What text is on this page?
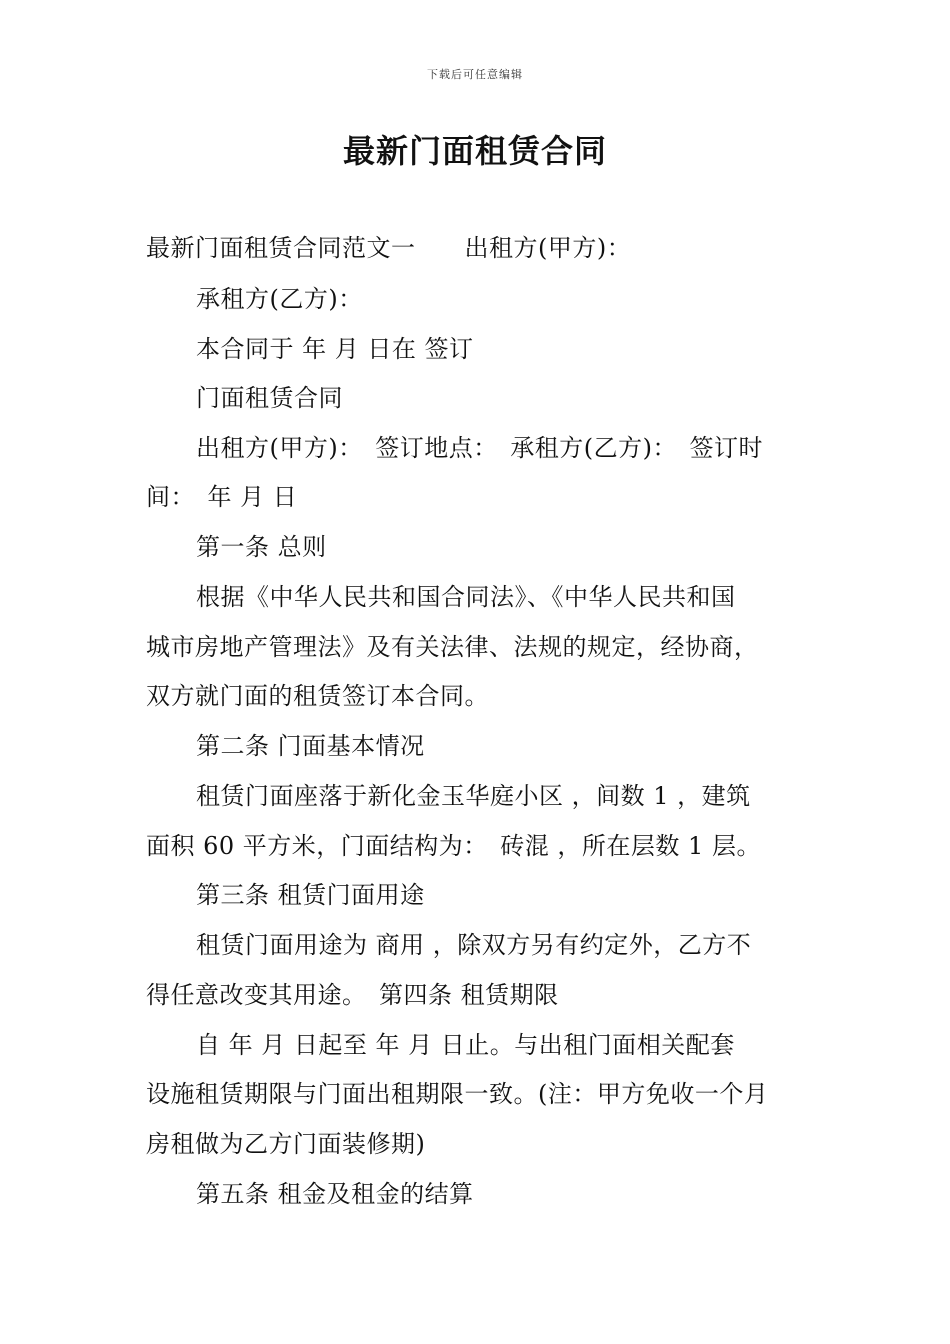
下载后可任意编辑
最新门面租赁合同
最新门面租赁合同范文一　　出租方(甲方)：
承租方(乙方)：
本合同于 年 月 日在 签订
门面租赁合同
出租方(甲方)：　签订地点：　承租方(乙方)：　签订时
间：　年 月 日
第一条 总则
根据《中华人民共和国合同法》、《中华人民共和国
城市房地产管理法》及有关法律、法规的规定，经协商，
双方就门面的租赁签订本合同。
第二条 门面基本情况
租赁门面座落于新化金玉华庭小区 ，间数 1 ，建筑
面积 60 平方米，门面结构为：　砖混 ，所在层数 1 层。
第三条 租赁门面用途
租赁门面用途为 商用 ，除双方另有约定外，乙方不
得任意改变其用途。　第四条 租赁期限
自 年 月 日起至 年 月 日止。与出租门面相关配套
设施租赁期限与门面出租期限一致。(注：甲方免收一个月
房租做为乙方门面装修期)
第五条 租金及租金的结算
